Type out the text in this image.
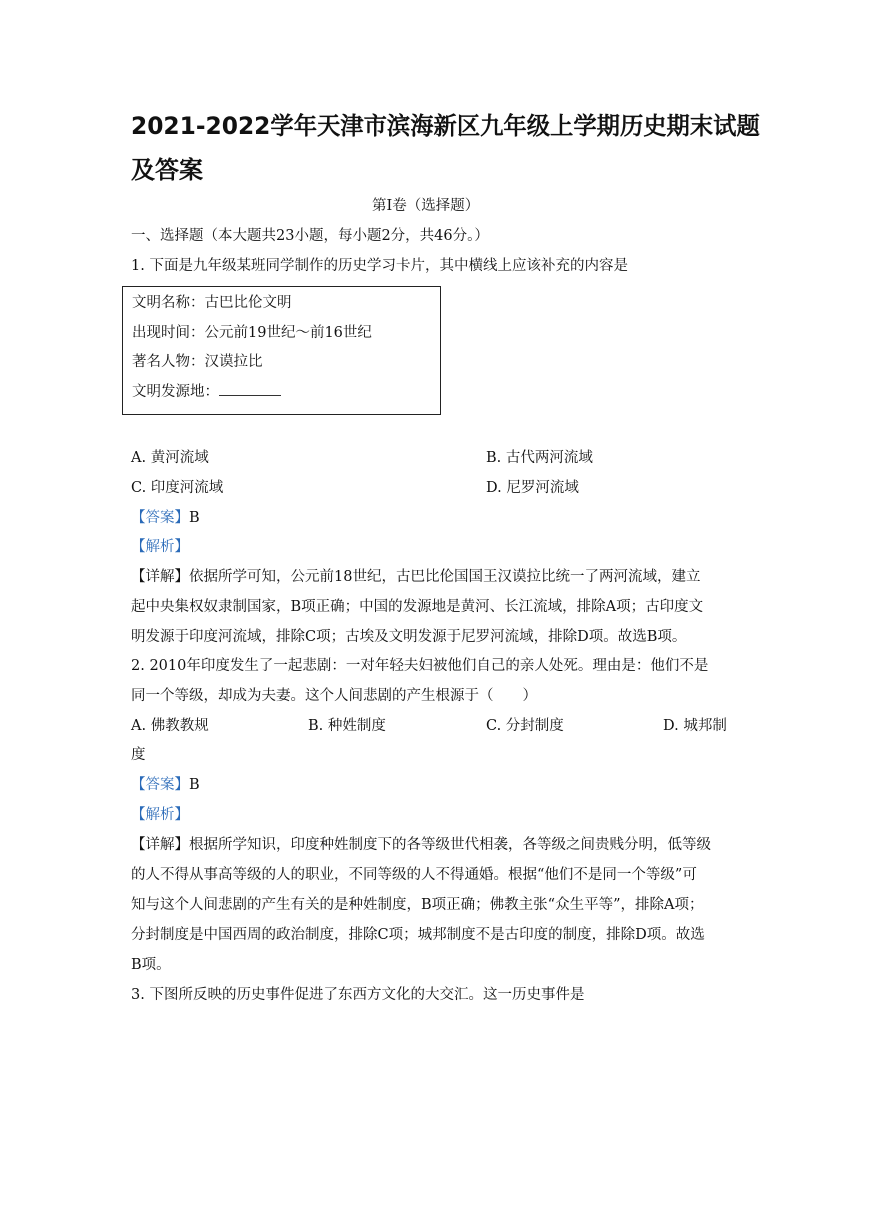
2021-2022学年天津市滨海新区九年级上学期历史期末试题
及答案
第Ⅰ卷（选择题）
一、选择题（本大题共23小题，每小题2分，共46分。）
1. 下面是九年级某班同学制作的历史学习卡片，其中横线上应该补充的内容是
文明名称：古巴比伦文明
出现时间：公元前19世纪～前16世纪
著名人物：汉谟拉比
文明发源地：
A. 黄河流域	B. 古代两河流域
C. 印度河流域	D. 尼罗河流域
【答案】B
【解析】
【详解】依据所学可知，公元前18世纪，古巴比伦国国王汉谟拉比统一了两河流域，建立
起中央集权奴隶制国家，B项正确；中国的发源地是黄河、长江流域，排除A项；古印度文
明发源于印度河流域，排除C项；古埃及文明发源于尼罗河流域，排除D项。故选B项。
2. 2010年印度发生了一起悲剧：一对年轻夫妇被他们自己的亲人处死。理由是：他们不是
同一个等级，却成为夫妻。这个人间悲剧的产生根源于（　　）
A. 佛教教规	B. 种姓制度	C. 分封制度	D. 城邦制
度
【答案】B
【解析】
【详解】根据所学知识，印度种姓制度下的各等级世代相袭，各等级之间贵贱分明，低等级
的人不得从事高等级的人的职业，不同等级的人不得通婚。根据“他们不是同一个等级”可
知与这个人间悲剧的产生有关的是种姓制度，B项正确；佛教主张“众生平等”，排除A项；
分封制度是中国西周的政治制度，排除C项；城邦制度不是古印度的制度，排除D项。故选
B项。
3. 下图所反映的历史事件促进了东西方文化的大交汇。这一历史事件是
